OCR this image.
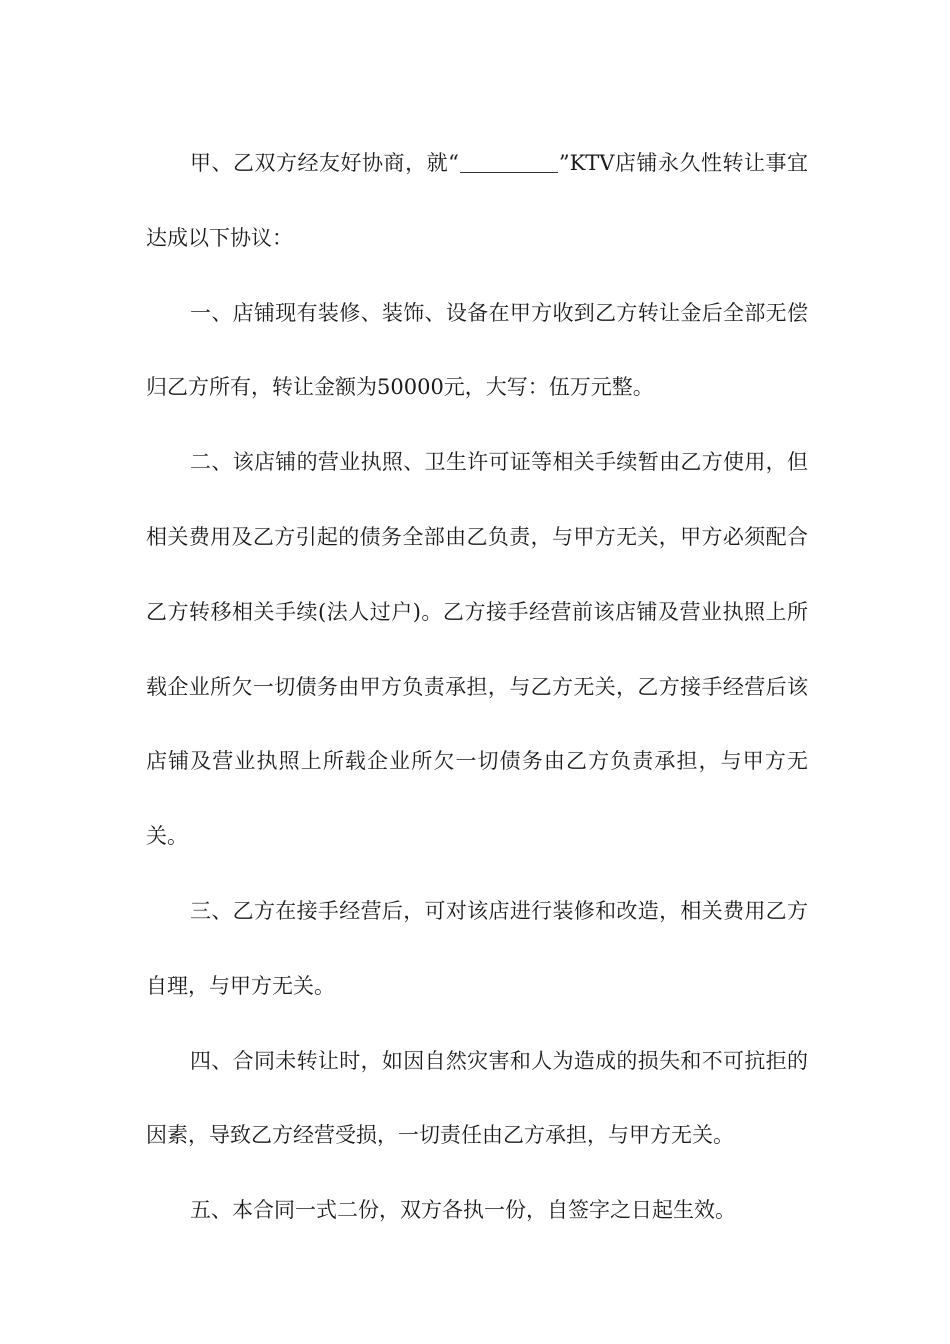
甲、乙双方经友好协商，就“	”KTV店铺永久性转让事宜达成以下协议：

一、店铺现有装修、装饰、设备在甲方收到乙方转让金后全部无偿归乙方所有，转让金额为50000元，大写：伍万元整。

二、该店铺的营业执照、卫生许可证等相关手续暂由乙方使用，但相关费用及乙方引起的债务全部由乙负责，与甲方无关，甲方必须配合乙方转移相关手续(法人过户)。乙方接手经营前该店铺及营业执照上所载企业所欠一切债务由甲方负责承担，与乙方无关，乙方接手经营后该店铺及营业执照上所载企业所欠一切债务由乙方负责承担，与甲方无关。

三、乙方在接手经营后，可对该店进行装修和改造，相关费用乙方自理，与甲方无关。

四、合同未转让时，如因自然灾害和人为造成的损失和不可抗拒的因素，导致乙方经营受损，一切责任由乙方承担，与甲方无关。

五、本合同一式二份，双方各执一份，自签字之日起生效。
